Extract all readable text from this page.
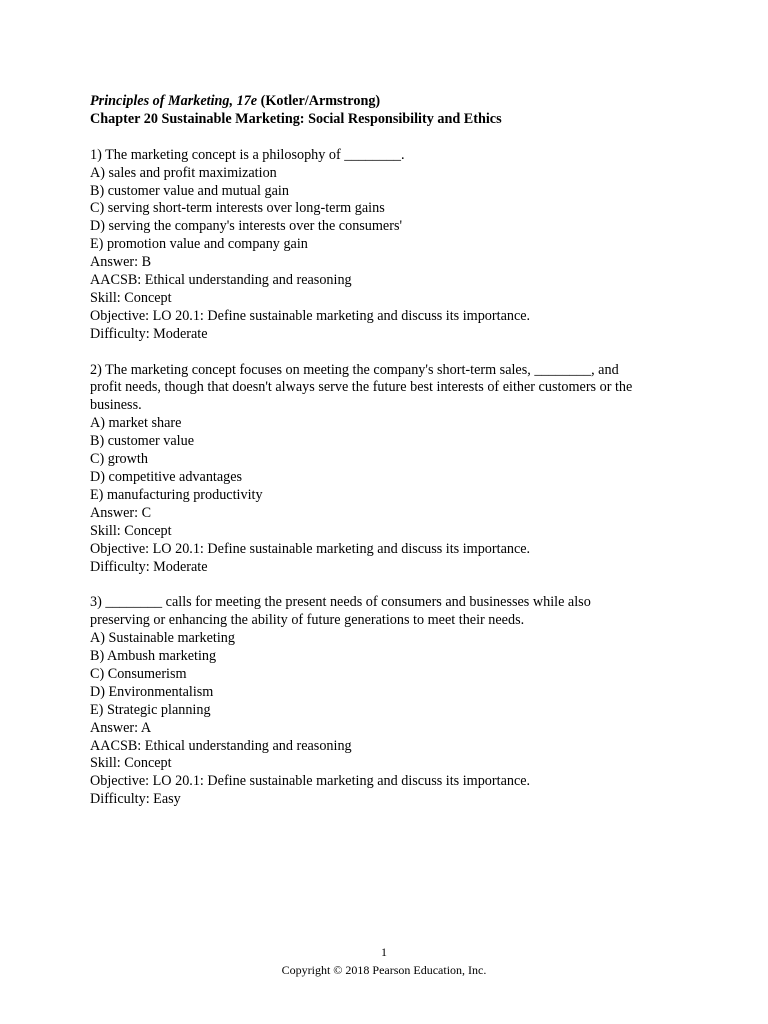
Principles of Marketing, 17e (Kotler/Armstrong)
Chapter 20 Sustainable Marketing: Social Responsibility and Ethics
1) The marketing concept is a philosophy of ________.
A) sales and profit maximization
B) customer value and mutual gain
C) serving short-term interests over long-term gains
D) serving the company's interests over the consumers'
E) promotion value and company gain
Answer: B
AACSB: Ethical understanding and reasoning
Skill: Concept
Objective: LO 20.1: Define sustainable marketing and discuss its importance.
Difficulty: Moderate
2) The marketing concept focuses on meeting the company's short-term sales, ________, and
profit needs, though that doesn't always serve the future best interests of either customers or the
business.
A) market share
B) customer value
C) growth
D) competitive advantages
E) manufacturing productivity
Answer: C
Skill: Concept
Objective: LO 20.1: Define sustainable marketing and discuss its importance.
Difficulty: Moderate
3) ________ calls for meeting the present needs of consumers and businesses while also
preserving or enhancing the ability of future generations to meet their needs.
A) Sustainable marketing
B) Ambush marketing
C) Consumerism
D) Environmentalism
E) Strategic planning
Answer: A
AACSB: Ethical understanding and reasoning
Skill: Concept
Objective: LO 20.1: Define sustainable marketing and discuss its importance.
Difficulty: Easy
1
Copyright © 2018 Pearson Education, Inc.
